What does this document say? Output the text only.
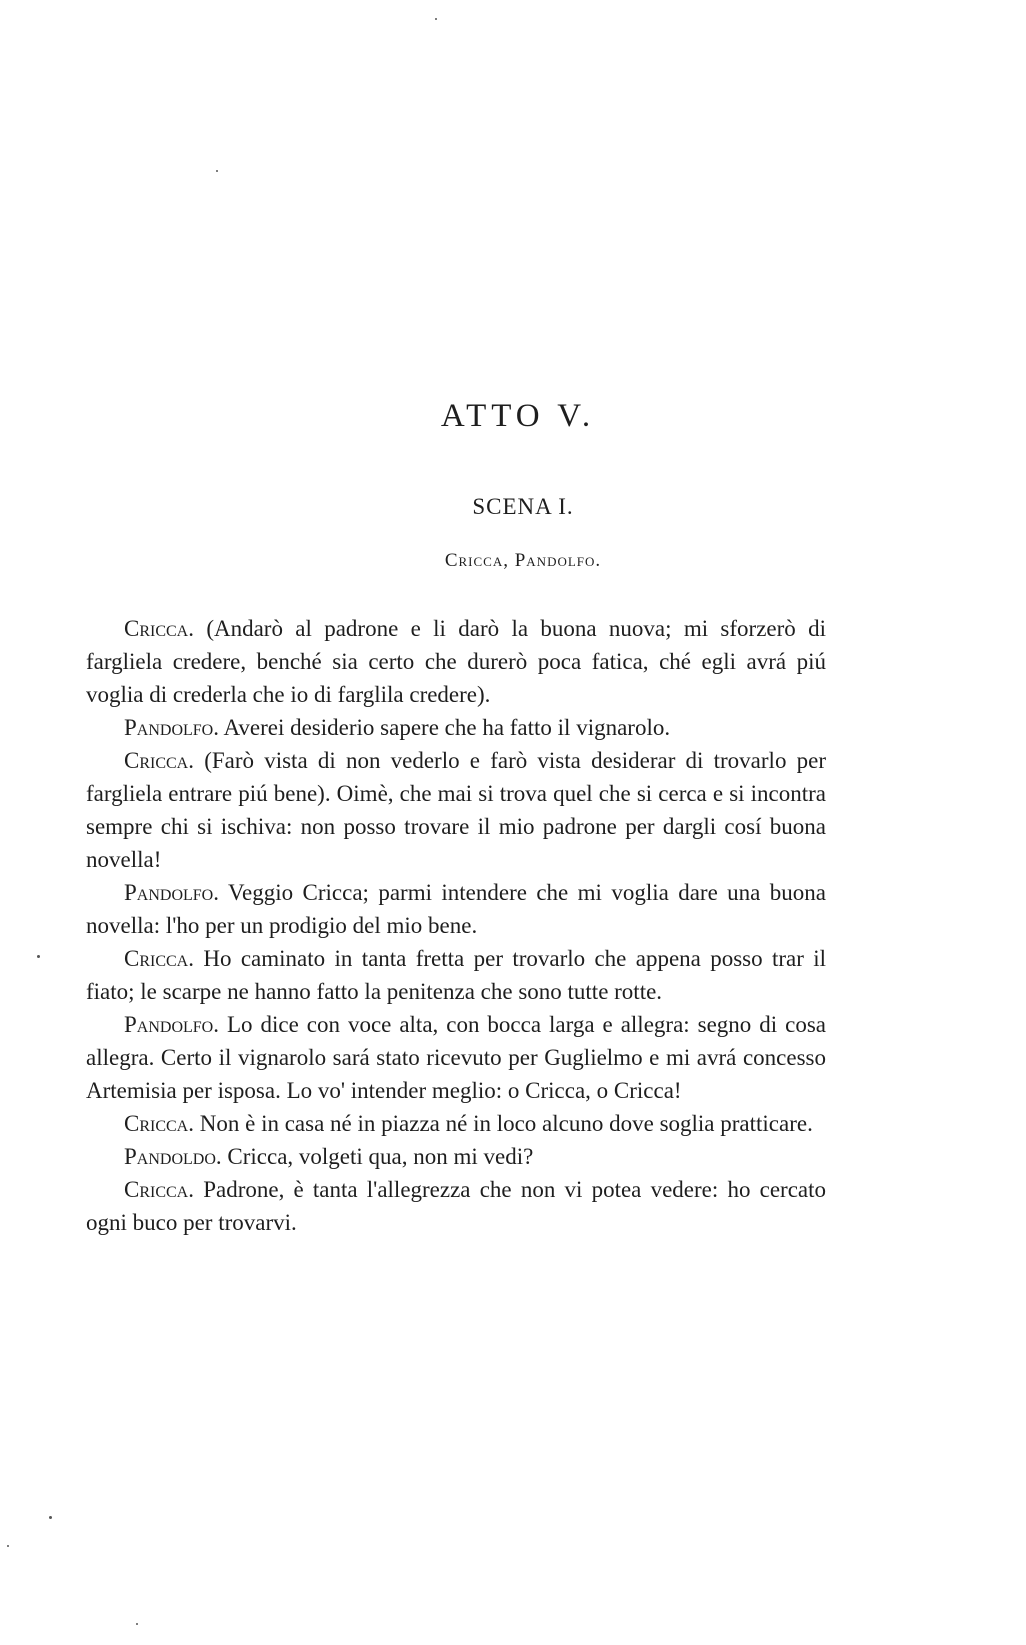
ATTO V.
SCENA I.

Cricca, Pandolfo.

Cricca. (Andarò al padrone e li darò la buona nuova; mi sforzerò di fargliela credere, benché sia certo che durerò poca fatica, ché egli avrá piú voglia di crederla che io di farglila credere).

Pandolfo. Averei desiderio sapere che ha fatto il vignarolo.

Cricca. (Farò vista di non vederlo e farò vista desiderar di trovarlo per fargliela entrare piú bene). Oimè, che mai si trova quel che si cerca e si incontra sempre chi si ischiva: non posso trovare il mio padrone per dargli cosí buona novella!

Pandolfo. Veggio Cricca; parmi intendere che mi voglia dare una buona novella: l'ho per un prodigio del mio bene.

Cricca. Ho caminato in tanta fretta per trovarlo che appena posso trar il fiato; le scarpe ne hanno fatto la penitenza che sono tutte rotte.

Pandolfo. Lo dice con voce alta, con bocca larga e allegra: segno di cosa allegra. Certo il vignarolo sará stato ricevuto per Guglielmo e mi avrá concesso Artemisia per isposa. Lo vo' intender meglio: o Cricca, o Cricca!

Cricca. Non è in casa né in piazza né in loco alcuno dove soglia pratticare.

Pandoldo. Cricca, volgeti qua, non mi vedi?

Cricca. Padrone, è tanta l'allegrezza che non vi potea vedere: ho cercato ogni buco per trovarvi.
